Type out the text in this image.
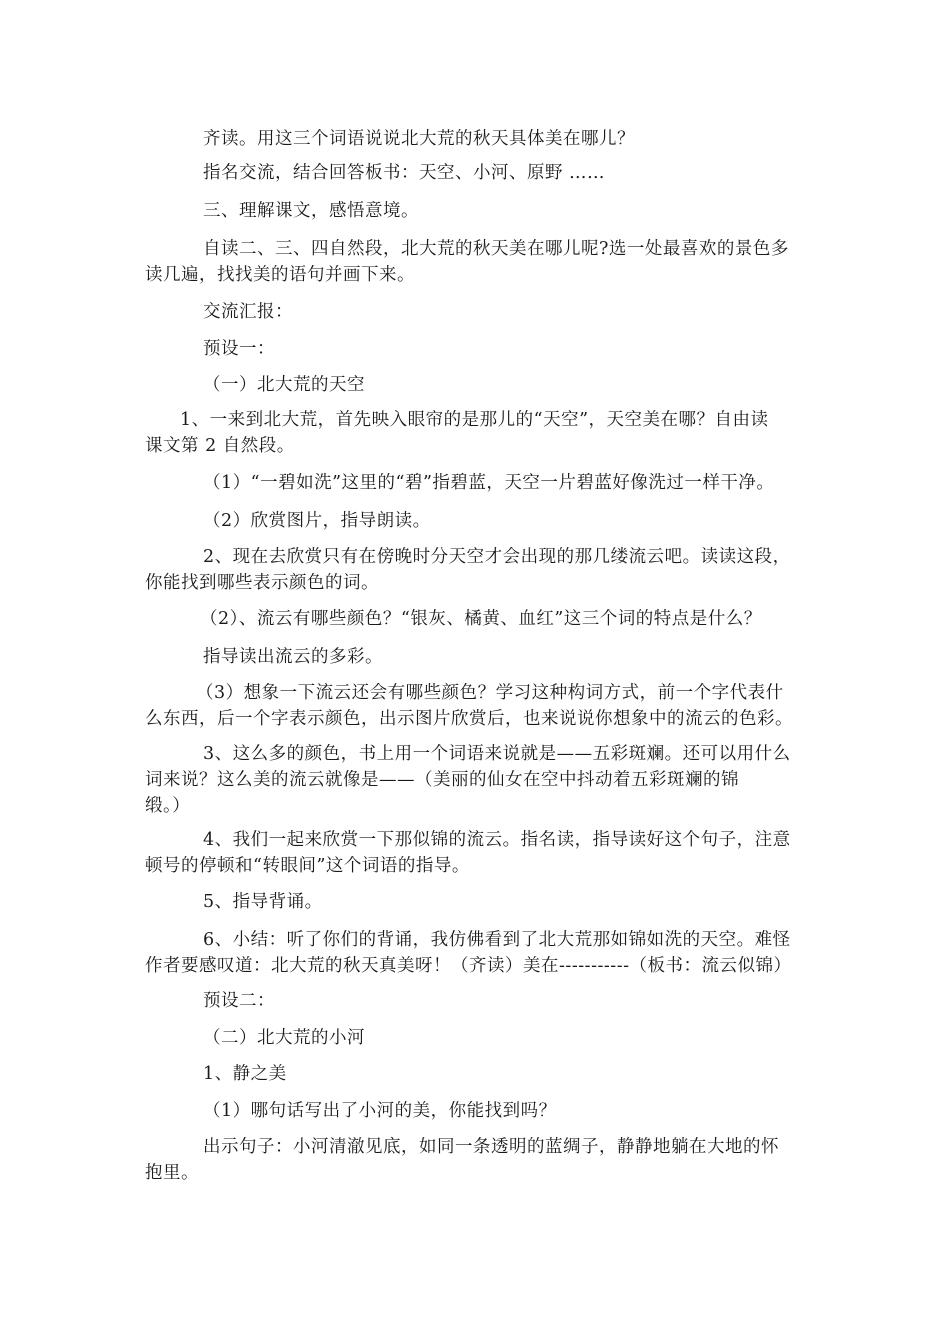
齐读。用这三个词语说说北大荒的秋天具体美在哪儿？
指名交流，结合回答板书：天空、小河、原野 ……
三、理解课文，感悟意境。
自读二、三、四自然段，北大荒的秋天美在哪儿呢?选一处最喜欢的景色多
读几遍，找找美的语句并画下来。
交流汇报：
预设一：
（一）北大荒的天空
1、一来到北大荒，首先映入眼帘的是那儿的“天空”，天空美在哪？自由读
课文第 2 自然段。
（1）“一碧如洗”这里的“碧”指碧蓝，天空一片碧蓝好像洗过一样干净。
（2）欣赏图片，指导朗读。
2、现在去欣赏只有在傍晚时分天空才会出现的那几缕流云吧。读读这段，
你能找到哪些表示颜色的词。
（2）、流云有哪些颜色？“银灰、橘黄、血红”这三个词的特点是什么？
指导读出流云的多彩。
（3）想象一下流云还会有哪些颜色？学习这种构词方式，前一个字代表什
么东西，后一个字表示颜色，出示图片欣赏后，也来说说你想象中的流云的色彩。
3、这么多的颜色，书上用一个词语来说就是——五彩斑斓。还可以用什么
词来说？这么美的流云就像是——（美丽的仙女在空中抖动着五彩斑斓的锦
缎。）
4、我们一起来欣赏一下那似锦的流云。指名读，指导读好这个句子，注意
顿号的停顿和“转眼间”这个词语的指导。
5、指导背诵。
6、小结：听了你们的背诵，我仿佛看到了北大荒那如锦如洗的天空。难怪
作者要感叹道：北大荒的秋天真美呀！（齐读）美在-----------（板书：流云似锦）
预设二：
（二）北大荒的小河
1、静之美
（1）哪句话写出了小河的美，你能找到吗？
出示句子：小河清澈见底，如同一条透明的蓝绸子，静静地躺在大地的怀
抱里。
